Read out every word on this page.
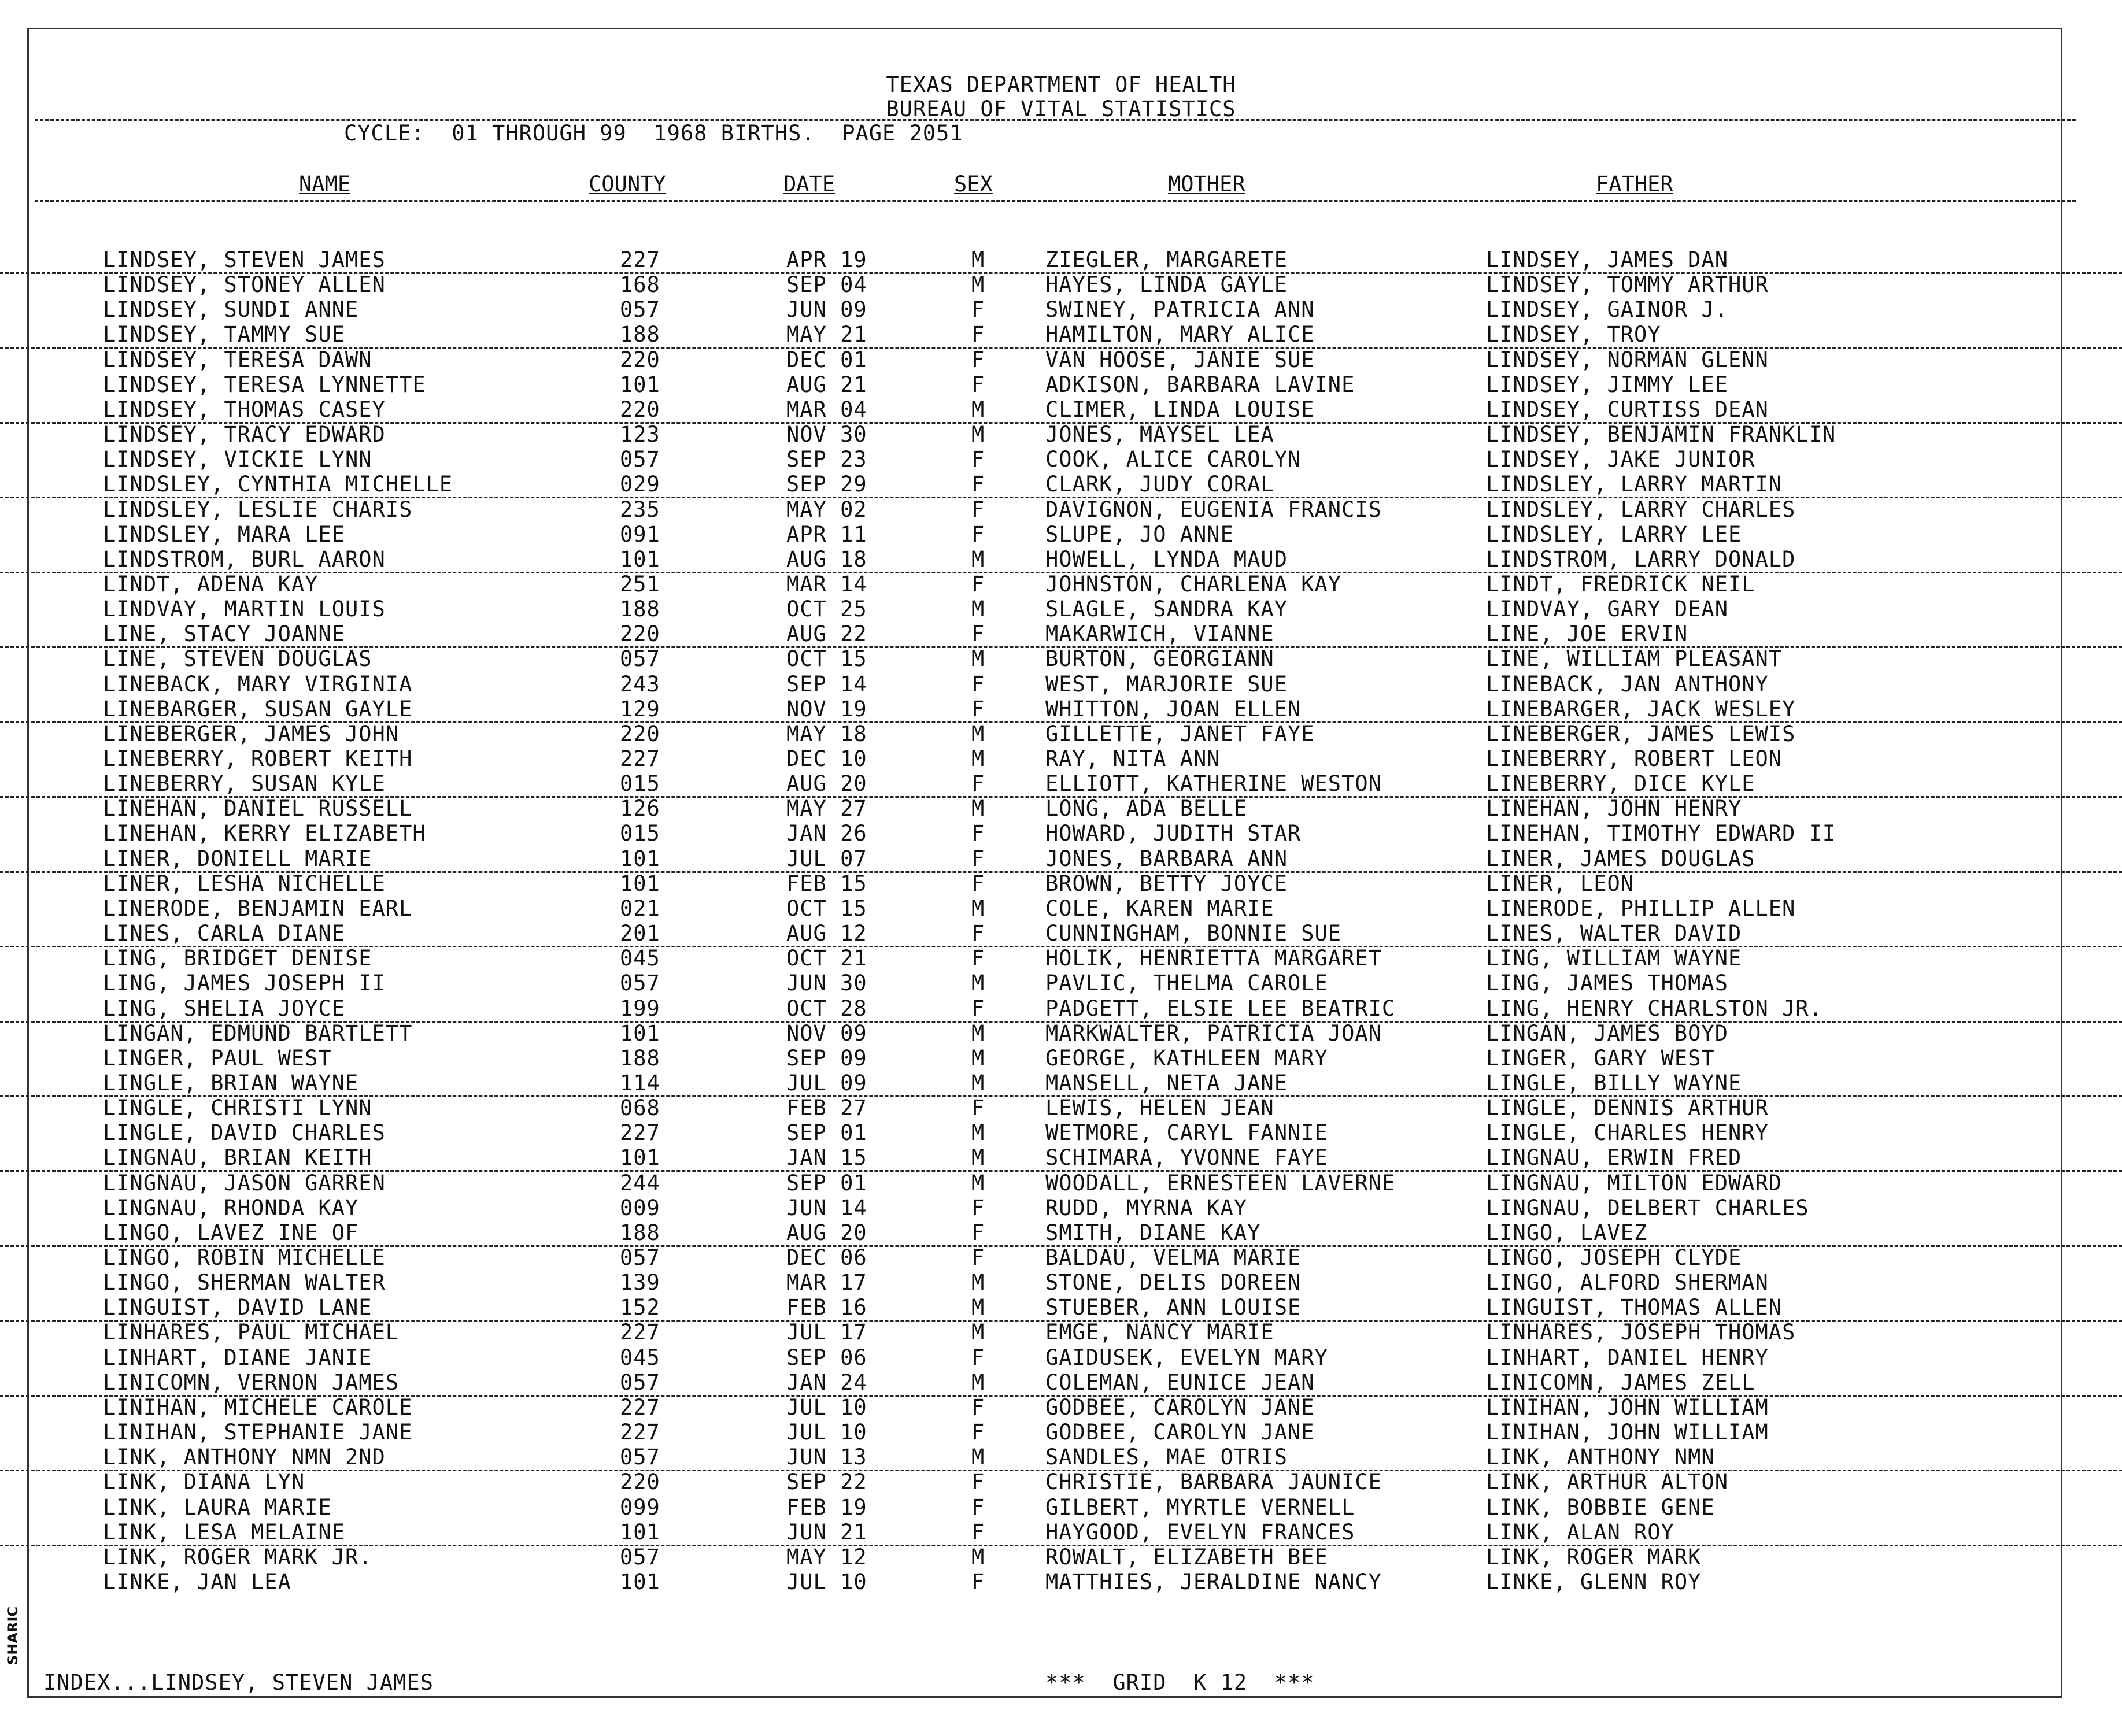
TEXAS DEPARTMENT OF HEALTH
BUREAU OF VITAL STATISTICS
CYCLE:  01 THROUGH 99  1968 BIRTHS.  PAGE 2051
NAME	COUNTY	DATE	SEX	MOTHER	FATHER
LINDSEY, STEVEN JAMES	227	APR 19	M	ZIEGLER, MARGARETE	LINDSEY, JAMES DAN
LINDSEY, STONEY ALLEN	168	SEP 04	M	HAYES, LINDA GAYLE	LINDSEY, TOMMY ARTHUR
LINDSEY, SUNDI ANNE	057	JUN 09	F	SWINEY, PATRICIA ANN	LINDSEY, GAINOR J.
LINDSEY, TAMMY SUE	188	MAY 21	F	HAMILTON, MARY ALICE	LINDSEY, TROY
LINDSEY, TERESA DAWN	220	DEC 01	F	VAN HOOSE, JANIE SUE	LINDSEY, NORMAN GLENN
LINDSEY, TERESA LYNNETTE	101	AUG 21	F	ADKISON, BARBARA LAVINE	LINDSEY, JIMMY LEE
LINDSEY, THOMAS CASEY	220	MAR 04	M	CLIMER, LINDA LOUISE	LINDSEY, CURTISS DEAN
LINDSEY, TRACY EDWARD	123	NOV 30	M	JONES, MAYSEL LEA	LINDSEY, BENJAMIN FRANKLIN
LINDSEY, VICKIE LYNN	057	SEP 23	F	COOK, ALICE CAROLYN	LINDSEY, JAKE JUNIOR
LINDSLEY, CYNTHIA MICHELLE	029	SEP 29	F	CLARK, JUDY CORAL	LINDSLEY, LARRY MARTIN
LINDSLEY, LESLIE CHARIS	235	MAY 02	F	DAVIGNON, EUGENIA FRANCIS	LINDSLEY, LARRY CHARLES
LINDSLEY, MARA LEE	091	APR 11	F	SLUPE, JO ANNE	LINDSLEY, LARRY LEE
LINDSTROM, BURL AARON	101	AUG 18	M	HOWELL, LYNDA MAUD	LINDSTROM, LARRY DONALD
LINDT, ADENA KAY	251	MAR 14	F	JOHNSTON, CHARLENA KAY	LINDT, FREDRICK NEIL
LINDVAY, MARTIN LOUIS	188	OCT 25	M	SLAGLE, SANDRA KAY	LINDVAY, GARY DEAN
LINE, STACY JOANNE	220	AUG 22	F	MAKARWICH, VIANNE	LINE, JOE ERVIN
LINE, STEVEN DOUGLAS	057	OCT 15	M	BURTON, GEORGIANN	LINE, WILLIAM PLEASANT
LINEBACK, MARY VIRGINIA	243	SEP 14	F	WEST, MARJORIE SUE	LINEBACK, JAN ANTHONY
LINEBARGER, SUSAN GAYLE	129	NOV 19	F	WHITTON, JOAN ELLEN	LINEBARGER, JACK WESLEY
LINEBERGER, JAMES JOHN	220	MAY 18	M	GILLETTE, JANET FAYE	LINEBERGER, JAMES LEWIS
LINEBERRY, ROBERT KEITH	227	DEC 10	M	RAY, NITA ANN	LINEBERRY, ROBERT LEON
LINEBERRY, SUSAN KYLE	015	AUG 20	F	ELLIOTT, KATHERINE WESTON	LINEBERRY, DICE KYLE
LINEHAN, DANIEL RUSSELL	126	MAY 27	M	LONG, ADA BELLE	LINEHAN, JOHN HENRY
LINEHAN, KERRY ELIZABETH	015	JAN 26	F	HOWARD, JUDITH STAR	LINEHAN, TIMOTHY EDWARD II
LINER, DONIELL MARIE	101	JUL 07	F	JONES, BARBARA ANN	LINER, JAMES DOUGLAS
LINER, LESHA NICHELLE	101	FEB 15	F	BROWN, BETTY JOYCE	LINER, LEON
LINERODE, BENJAMIN EARL	021	OCT 15	M	COLE, KAREN MARIE	LINERODE, PHILLIP ALLEN
LINES, CARLA DIANE	201	AUG 12	F	CUNNINGHAM, BONNIE SUE	LINES, WALTER DAVID
LING, BRIDGET DENISE	045	OCT 21	F	HOLIK, HENRIETTA MARGARET	LING, WILLIAM WAYNE
LING, JAMES JOSEPH II	057	JUN 30	M	PAVLIC, THELMA CAROLE	LING, JAMES THOMAS
LING, SHELIA JOYCE	199	OCT 28	F	PADGETT, ELSIE LEE BEATRIC	LING, HENRY CHARLSTON JR.
LINGAN, EDMUND BARTLETT	101	NOV 09	M	MARKWALTER, PATRICIA JOAN	LINGAN, JAMES BOYD
LINGER, PAUL WEST	188	SEP 09	M	GEORGE, KATHLEEN MARY	LINGER, GARY WEST
LINGLE, BRIAN WAYNE	114	JUL 09	M	MANSELL, NETA JANE	LINGLE, BILLY WAYNE
LINGLE, CHRISTI LYNN	068	FEB 27	F	LEWIS, HELEN JEAN	LINGLE, DENNIS ARTHUR
LINGLE, DAVID CHARLES	227	SEP 01	M	WETMORE, CARYL FANNIE	LINGLE, CHARLES HENRY
LINGNAU, BRIAN KEITH	101	JAN 15	M	SCHIMARA, YVONNE FAYE	LINGNAU, ERWIN FRED
LINGNAU, JASON GARREN	244	SEP 01	M	WOODALL, ERNESTEEN LAVERNE	LINGNAU, MILTON EDWARD
LINGNAU, RHONDA KAY	009	JUN 14	F	RUDD, MYRNA KAY	LINGNAU, DELBERT CHARLES
LINGO, LAVEZ INE OF	188	AUG 20	F	SMITH, DIANE KAY	LINGO, LAVEZ
LINGO, ROBIN MICHELLE	057	DEC 06	F	BALDAU, VELMA MARIE	LINGO, JOSEPH CLYDE
LINGO, SHERMAN WALTER	139	MAR 17	M	STONE, DELIS DOREEN	LINGO, ALFORD SHERMAN
LINGUIST, DAVID LANE	152	FEB 16	M	STUEBER, ANN LOUISE	LINGUIST, THOMAS ALLEN
LINHARES, PAUL MICHAEL	227	JUL 17	M	EMGE, NANCY MARIE	LINHARES, JOSEPH THOMAS
LINHART, DIANE JANIE	045	SEP 06	F	GAIDUSEK, EVELYN MARY	LINHART, DANIEL HENRY
LINICOMN, VERNON JAMES	057	JAN 24	M	COLEMAN, EUNICE JEAN	LINICOMN, JAMES ZELL
LINIHAN, MICHELE CAROLE	227	JUL 10	F	GODBEE, CAROLYN JANE	LINIHAN, JOHN WILLIAM
LINIHAN, STEPHANIE JANE	227	JUL 10	F	GODBEE, CAROLYN JANE	LINIHAN, JOHN WILLIAM
LINK, ANTHONY NMN 2ND	057	JUN 13	M	SANDLES, MAE OTRIS	LINK, ANTHONY NMN
LINK, DIANA LYN	220	SEP 22	F	CHRISTIE, BARBARA JAUNICE	LINK, ARTHUR ALTON
LINK, LAURA MARIE	099	FEB 19	F	GILBERT, MYRTLE VERNELL	LINK, BOBBIE GENE
LINK, LESA MELAINE	101	JUN 21	F	HAYGOOD, EVELYN FRANCES	LINK, ALAN ROY
LINK, ROGER MARK JR.	057	MAY 12	M	ROWALT, ELIZABETH BEE	LINK, ROGER MARK
LINKE, JAN LEA	101	JUL 10	F	MATTHIES, JERALDINE NANCY	LINKE, GLENN ROY
INDEX...LINDSEY, STEVEN JAMES	***  GRID  K 12  ***
SHARIC
